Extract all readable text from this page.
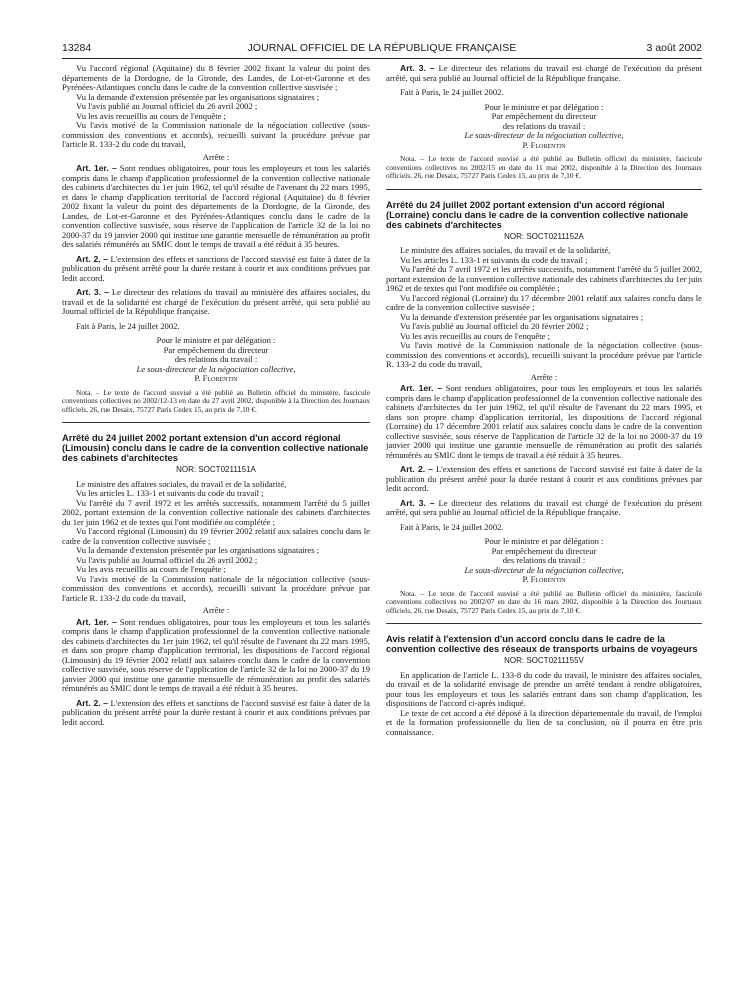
13284	JOURNAL OFFICIEL DE LA RÉPUBLIQUE FRANÇAISE	3 août 2002

Vu l'accord régional (Aquitaine) du 8 février 2002 fixant la valeur du point des départements de la Dordogne, de la Gironde, des Landes, de Lot-et-Garonne et des Pyrénées-Atlantiques conclu dans le cadre de la convention collective susvisée ;

Vu la demande d'extension présentée par les organisations signataires ;

Vu l'avis publié au Journal officiel du 26 avril 2002 ;

Vu les avis recueillis au cours de l'enquête ;

Vu l'avis motivé de la Commission nationale de la négociation collective (sous-commission des conventions et accords), recueilli suivant la procédure prévue par l'article R. 133-2 du code du travail,

Arrête :

Art. 1er. – Sont rendues obligatoires, pour tous les employeurs et tous les salariés compris dans le champ d'application professionnel de la convention collective nationale des cabinets d'architectes du 1er juin 1962, tel qu'il résulte de l'avenant du 22 mars 1995, et dans le champ d'application territorial de l'accord régional (Aquitaine) du 8 février 2002 fixant la valeur du point des départements de la Dordogne, de la Gironde, des Landes, de Lot-et-Garonne et des Pyrénées-Atlantiques conclu dans le cadre de la convention collective susvisée, sous réserve de l'application de l'article 32 de la loi no 2000-37 du 19 janvier 2000 qui institue une garantie mensuelle de rémunération au profit des salariés rémunérés au SMIC dont le temps de travail a été réduit à 35 heures.

Art. 2. – L'extension des effets et sanctions de l'accord susvisé est faite à dater de la publication du présent arrêté pour la durée restant à courir et aux conditions prévues par ledit accord.

Art. 3. – Le directeur des relations du travail au ministère des affaires sociales, du travail et de la solidarité est chargé de l'exécution du présent arrêté, qui sera publié au Journal officiel de la République française.

Fait à Paris, le 24 juillet 2002.

Pour le ministre et par délégation :

Par empêchement du directeur

des relations du travail :

Le sous-directeur de la négociation collective,

P. Florentin

Nota. – Le texte de l'accord susvisé a été publié au Bulletin officiel du ministère, fascicule conventions collectives no 2002/12-13 en date du 27 avril 2002, disponible à la Direction des Journaux officiels, 26, rue Desaix, 75727 Paris Cedex 15, au prix de 7,10 €.

Arrêté du 24 juillet 2002 portant extension d'un accord régional (Limousin) conclu dans le cadre de la convention collective nationale des cabinets d'architectes

NOR: SOCT0211151A

Le ministre des affaires sociales, du travail et de la solidarité,

Vu les articles L. 133-1 et suivants du code du travail ;

Vu l'arrêté du 7 avril 1972 et les arrêtés successifs, notamment l'arrêté du 5 juillet 2002, portant extension de la convention collective nationale des cabinets d'architectes du 1er juin 1962 et de textes qui l'ont modifiée ou complétée ;

Vu l'accord régional (Limousin) du 19 février 2002 relatif aux salaires conclu dans le cadre de la convention collective susvisée ;

Vu la demande d'extension présentée par les organisations signataires ;

Vu l'avis publié au Journal officiel du 26 avril 2002 ;

Vu les avis recueillis au cours de l'enquête ;

Vu l'avis motivé de la Commission nationale de la négociation collective (sous-commission des conventions et accords), recueilli suivant la procédure prévue par l'article R. 133-2 du code du travail,

Arrête :

Art. 1er. – Sont rendues obligatoires, pour tous les employeurs et tous les salariés compris dans le champ d'application professionnel de la convention collective nationale des cabinets d'architectes du 1er juin 1962, tel qu'il résulte de l'avenant du 22 mars 1995, et dans son propre champ d'application territorial, les dispositions de l'accord régional (Limousin) du 19 février 2002 relatif aux salaires conclu dans le cadre de la convention collective susvisée, sous réserve de l'application de l'article 32 de la loi no 2000-37 du 19 janvier 2000 qui institue une garantie mensuelle de rémunération au profit des salariés rémunérés au SMIC dont le temps de travail a été réduit à 35 heures.

Art. 2. – L'extension des effets et sanctions de l'accord susvisé est faite à dater de la publication du présent arrêté pour la durée restant à courir et aux conditions prévues par ledit accord.

Art. 3. – Le directeur des relations du travail est chargé de l'exécution du présent arrêté, qui sera publié au Journal officiel de la République française.

Fait à Paris, le 24 juillet 2002.

Pour le ministre et par délégation :

Par empêchement du directeur

des relations du travail :

Le sous-directeur de la négociation collective,

P. Florentin

Nota. – Le texte de l'accord susvisé a été publié au Bulletin officiel du ministère, fascicule conventions collectives no 2002/15 en date du 11 mai 2002, disponible à la Direction des Journaux officiels, 26, rue Desaix, 75727 Paris Cedex 15, au prix de 7,10 €.

Arrêté du 24 juillet 2002 portant extension d'un accord régional (Lorraine) conclu dans le cadre de la convention collective nationale des cabinets d'architectes

NOR: SOCT0211152A

Le ministre des affaires sociales, du travail et de la solidarité,

Vu les articles L. 133-1 et suivants du code du travail ;

Vu l'arrêté du 7 avril 1972 et les arrêtés successifs, notamment l'arrêté du 5 juillet 2002, portant extension de la convention collective nationale des cabinets d'architectes du 1er juin 1962 et de textes qui l'ont modifiée ou complétée ;

Vu l'accord régional (Lorraine) du 17 décembre 2001 relatif aux salaires conclu dans le cadre de la convention collective susvisée ;

Vu la demande d'extension présentée par les organisations signataires ;

Vu l'avis publié au Journal officiel du 20 février 2002 ;

Vu les avis recueillis au cours de l'enquête ;

Vu l'avis motivé de la Commission nationale de la négociation collective (sous-commission des conventions et accords), recueilli suivant la procédure prévue par l'article R. 133-2 du code du travail,

Arrête :

Art. 1er. – Sont rendues obligatoires, pour tous les employeurs et tous les salariés compris dans le champ d'application professionnel de la convention collective nationale des cabinets d'architectes du 1er juin 1962, tel qu'il résulte de l'avenant du 22 mars 1995, et dans son propre champ d'application territorial, les dispositions de l'accord régional (Lorraine) du 17 décembre 2001 relatif aux salaires conclu dans le cadre de la convention collective susvisée, sous réserve de l'application de l'article 32 de la loi no 2000-37 du 19 janvier 2000 qui institue une garantie mensuelle de rémunération au profit des salariés rémunérés au SMIC dont le temps de travail a été réduit à 35 heures.

Art. 2. – L'extension des effets et sanctions de l'accord susvisé est faite à dater de la publication du présent arrêté pour la durée restant à courir et aux conditions prévues par ledit accord.

Art. 3. – Le directeur des relations du travail est chargé de l'exécution du présent arrêté, qui sera publié au Journal officiel de la République française.

Fait à Paris, le 24 juillet 2002.

Pour le ministre et par délégation :

Par empêchement du directeur

des relations du travail :

Le sous-directeur de la négociation collective,

P. Florentin

Nota. – Le texte de l'accord susvisé a été publié au Bulletin officiel du ministère, fascicule conventions collectives no 2002/07 en date du 16 mars 2002, disponible à la Direction des Journaux officiels, 26, rue Desaix, 75727 Paris Cedex 15, au prix de 7,10 €.

Avis relatif à l'extension d'un accord conclu dans le cadre de la convention collective des réseaux de transports urbains de voyageurs

NOR: SOCT0211155V

En application de l'article L. 133-8 du code du travail, le ministre des affaires sociales, du travail et de la solidarité envisage de prendre un arrêté tendant à rendre obligatoires, pour tous les employeurs et tous les salariés entrant dans son champ d'application, les dispositions de l'accord ci-après indiqué.

Le texte de cet accord a été déposé à la direction départementale du travail, de l'emploi et de la formation professionnelle du lieu de sa conclusion, où il pourra en être pris connaissance.
